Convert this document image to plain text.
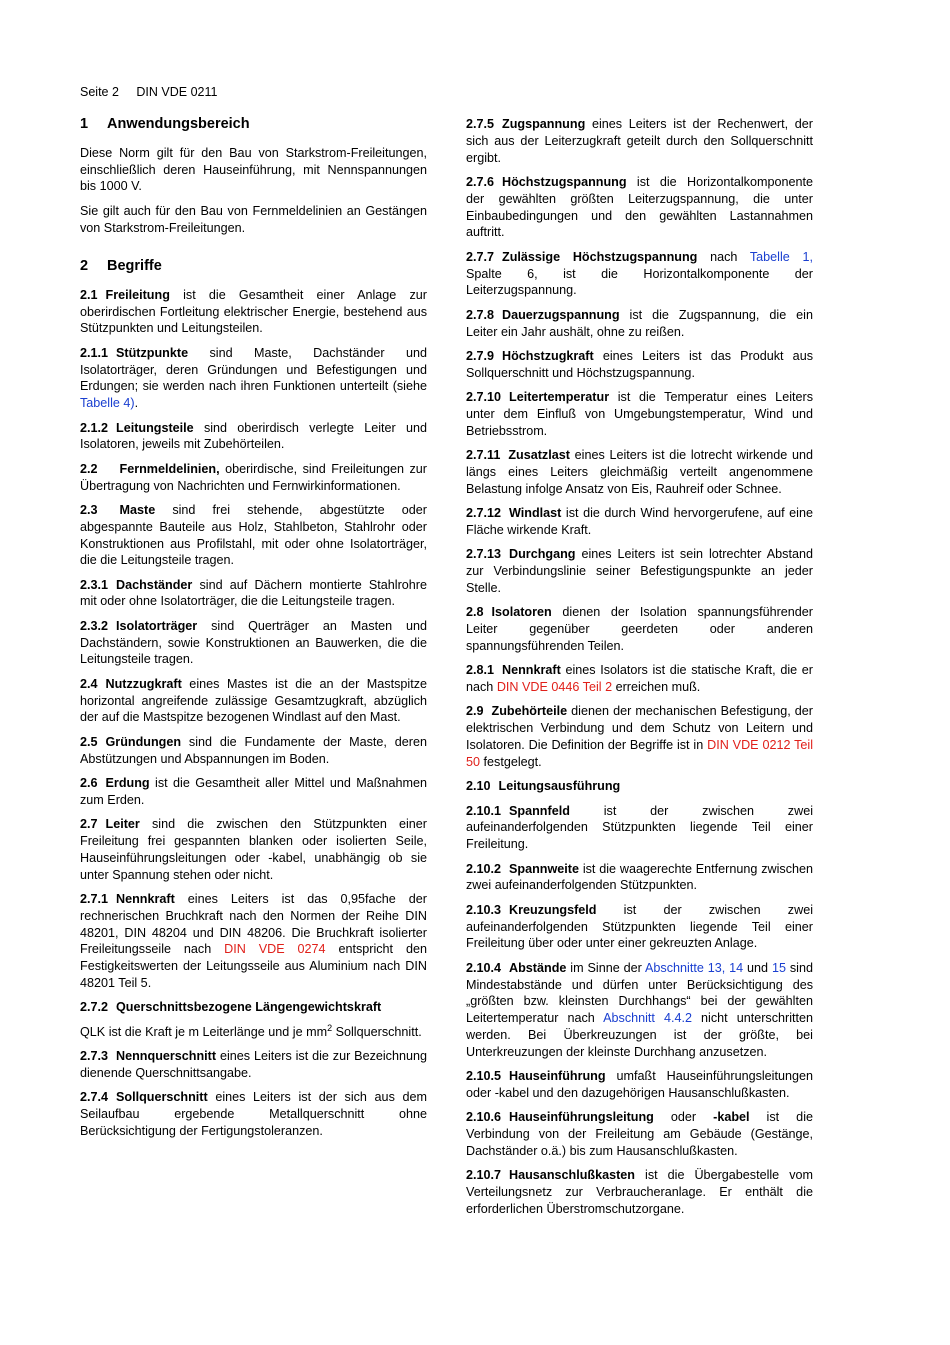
Seite 2 DIN VDE 0211
1 Anwendungsbereich

Diese Norm gilt für den Bau von Starkstrom-Freileitungen, einschließlich deren Hauseinführung, mit Nennspannungen bis 1000 V.

Sie gilt auch für den Bau von Fernmeldelinien an Gestängen von Starkstrom-Freileitungen.

2 Begriffe

2.1 Freileitung ist die Gesamtheit einer Anlage zur oberirdischen Fortleitung elektrischer Energie, bestehend aus Stützpunkten und Leitungsteilen.

2.1.1 Stützpunkte sind Maste, Dachständer und Isolatorträger, deren Gründungen und Befestigungen und Erdungen; sie werden nach ihren Funktionen unterteilt (siehe Tabelle 4).

2.1.2 Leitungsteile sind oberirdisch verlegte Leiter und Isolatoren, jeweils mit Zubehörteilen.

2.2 Fernmeldelinien, oberirdische, sind Freileitungen zur Übertragung von Nachrichten und Fernwirkinformationen.

2.3 Maste sind frei stehende, abgestützte oder abgespannte Bauteile aus Holz, Stahlbeton, Stahlrohr oder Konstruktionen aus Profilstahl, mit oder ohne Isolatorträger, die die Leitungsteile tragen.

2.3.1 Dachständer sind auf Dächern montierte Stahlrohre mit oder ohne Isolatorträger, die die Leitungsteile tragen.

2.3.2 Isolatorträger sind Querträger an Masten und Dachständern, sowie Konstruktionen an Bauwerken, die die Leitungsteile tragen.

2.4 Nutzzugkraft eines Mastes ist die an der Mastspitze horizontal angreifende zulässige Gesamtzugkraft, abzüglich der auf die Mastspitze bezogenen Windlast auf den Mast.

2.5 Gründungen sind die Fundamente der Maste, deren Abstützungen und Abspannungen im Boden.

2.6 Erdung ist die Gesamtheit aller Mittel und Maßnahmen zum Erden.

2.7 Leiter sind die zwischen den Stützpunkten einer Freileitung frei gespannten blanken oder isolierten Seile, Hauseinführungsleitungen oder -kabel, unabhängig ob sie unter Spannung stehen oder nicht.

2.7.1 Nennkraft eines Leiters ist das 0,95fache der rechnerischen Bruchkraft nach den Normen der Reihe DIN 48201, DIN 48204 und DIN 48206. Die Bruchkraft isolierter Freileitungsseile nach DIN VDE 0274 entspricht den Festigkeitswerten der Leitungsseile aus Aluminium nach DIN 48201 Teil 5.

2.7.2 Querschnittsbezogene Längengewichtskraft

QLK ist die Kraft je m Leiterlänge und je $mm^2$ Sollquerschnitt.

2.7.3 Nennquerschnitt eines Leiters ist die zur Bezeichnung dienende Querschnittsangabe.

2.7.4 Sollquerschnitt eines Leiters ist der sich aus dem Seilaufbau ergebende Metallquerschnitt ohne Berücksichtigung der Fertigungstoleranzen.

2.7.5 Zugspannung eines Leiters ist der Rechenwert, der sich aus der Leiterzugkraft geteilt durch den Sollquerschnitt ergibt.

2.7.6 Höchstzugspannung ist die Horizontalkomponente der gewählten größten Leiterzugspannung, die unter Einbaubedingungen und den gewählten Lastannahmen auftritt.

2.7.7 Zulässige Höchstzugspannung nach Tabelle 1, Spalte 6, ist die Horizontalkomponente der Leiterzugspannung.

2.7.8 Dauerzugspannung ist die Zugspannung, die ein Leiter ein Jahr aushält, ohne zu reißen.

2.7.9 Höchstzugkraft eines Leiters ist das Produkt aus Sollquerschnitt und Höchstzugspannung.

2.7.10 Leitertemperatur ist die Temperatur eines Leiters unter dem Einfluß von Umgebungstemperatur, Wind und Betriebsstrom.

2.7.11 Zusatzlast eines Leiters ist die lotrecht wirkende und längs eines Leiters gleichmäßig verteilt angenommene Belastung infolge Ansatz von Eis, Rauhreif oder Schnee.

2.7.12 Windlast ist die durch Wind hervorgerufene, auf eine Fläche wirkende Kraft.

2.7.13 Durchgang eines Leiters ist sein lotrechter Abstand zur Verbindungslinie seiner Befestigungspunkte an jeder Stelle.

2.8 Isolatoren dienen der Isolation spannungsführender Leiter gegenüber geerdeten oder anderen spannungsführenden Teilen.

2.8.1 Nennkraft eines Isolators ist die statische Kraft, die er nach DIN VDE 0446 Teil 2 erreichen muß.

2.9 Zubehörteile dienen der mechanischen Befestigung, der elektrischen Verbindung und dem Schutz von Leitern und Isolatoren. Die Definition der Begriffe ist in DIN VDE 0212 Teil 50 festgelegt.

2.10 Leitungsausführung

2.10.1 Spannfeld ist der zwischen zwei aufeinanderfolgenden Stützpunkten liegende Teil einer Freileitung.

2.10.2 Spannweite ist die waagerechte Entfernung zwischen zwei aufeinanderfolgenden Stützpunkten.

2.10.3 Kreuzungsfeld ist der zwischen zwei aufeinanderfolgenden Stützpunkten liegende Teil einer Freileitung über oder unter einer gekreuzten Anlage.

2.10.4 Abstände im Sinne der Abschnitte 13, 14 und 15 sind Mindestabstände und dürfen unter Berücksichtigung des „größten bzw. kleinsten Durchhangs“ bei der gewählten Leitertemperatur nach Abschnitt 4.4.2 nicht unterschritten werden. Bei Überkreuzungen ist der größte, bei Unterkreuzungen der kleinste Durchhang anzusetzen.

2.10.5 Hauseinführung umfaßt Hauseinführungsleitungen oder -kabel und den dazugehörigen Hausanschlußkasten.

2.10.6 Hauseinführungsleitung oder -kabel ist die Verbindung von der Freileitung am Gebäude (Gestänge, Dachständer o.ä.) bis zum Hausanschlußkasten.

2.10.7 Hausanschlußkasten ist die Übergabestelle vom Verteilungsnetz zur Verbraucheranlage. Er enthält die erforderlichen Überstromschutzorgane.
